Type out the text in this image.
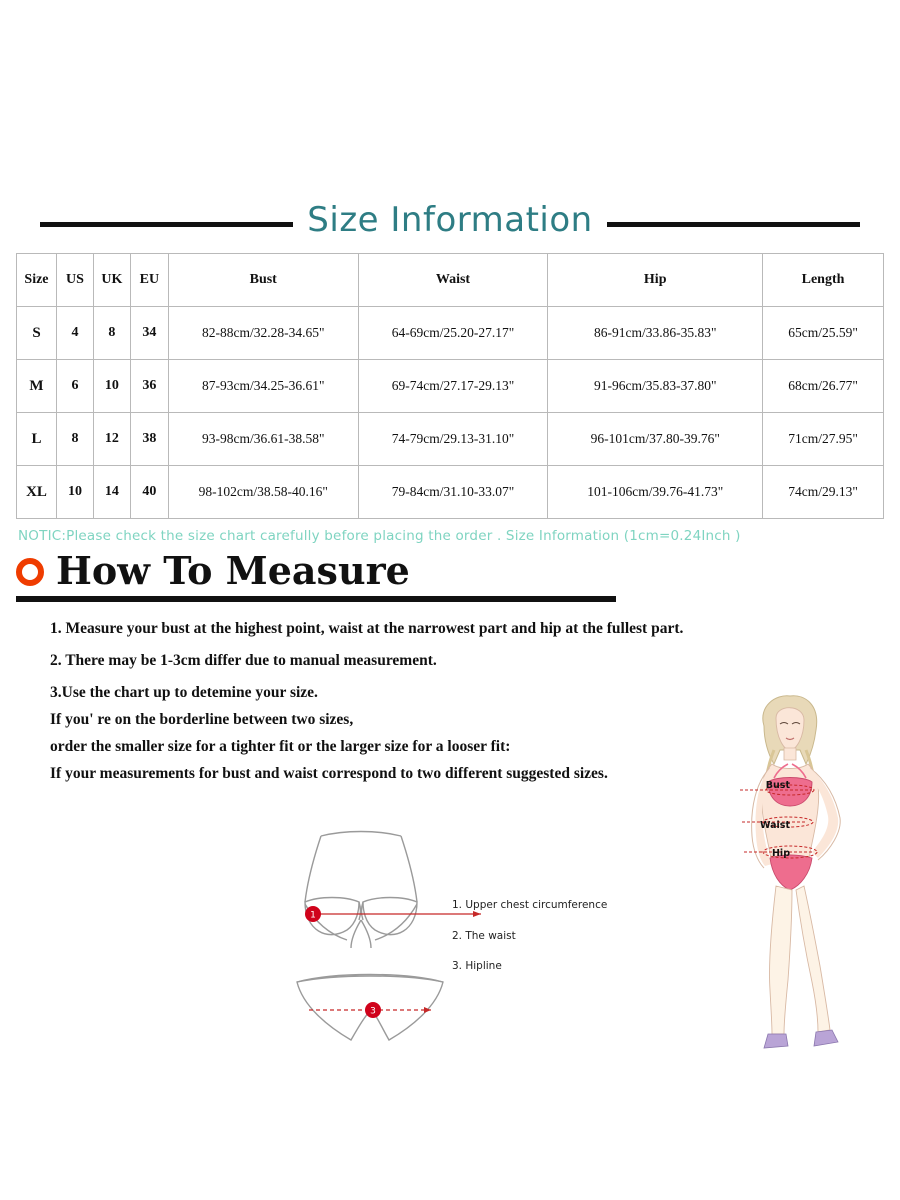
Size Information
Size	US	UK	EU	Bust	Waist	Hip	Length
S	4	8	34	82-88cm/32.28-34.65"	64-69cm/25.20-27.17"	86-91cm/33.86-35.83"	65cm/25.59"
M	6	10	36	87-93cm/34.25-36.61"	69-74cm/27.17-29.13"	91-96cm/35.83-37.80"	68cm/26.77"
L	8	12	38	93-98cm/36.61-38.58"	74-79cm/29.13-31.10"	96-101cm/37.80-39.76"	71cm/27.95"
XL	10	14	40	98-102cm/38.58-40.16"	79-84cm/31.10-33.07"	101-106cm/39.76-41.73"	74cm/29.13"
NOTIC:Please check the size chart carefully before placing the order . Size Information (1cm=0.24Inch )
How To Measure
1. Measure your bust at the highest point, waist at the narrowest part and hip at the fullest part.
2. There may be 1-3cm differ due to manual measurement.
3.Use the chart up to detemine your size.
If you' re on the borderline between two sizes,
order the smaller size for a tighter fit or the larger size for a looser fit:
If your measurements for bust and waist correspond to two different suggested sizes.
1
3
1. Upper chest circumference
2. The waist
3. Hipline
Bust
Waist
Hip
